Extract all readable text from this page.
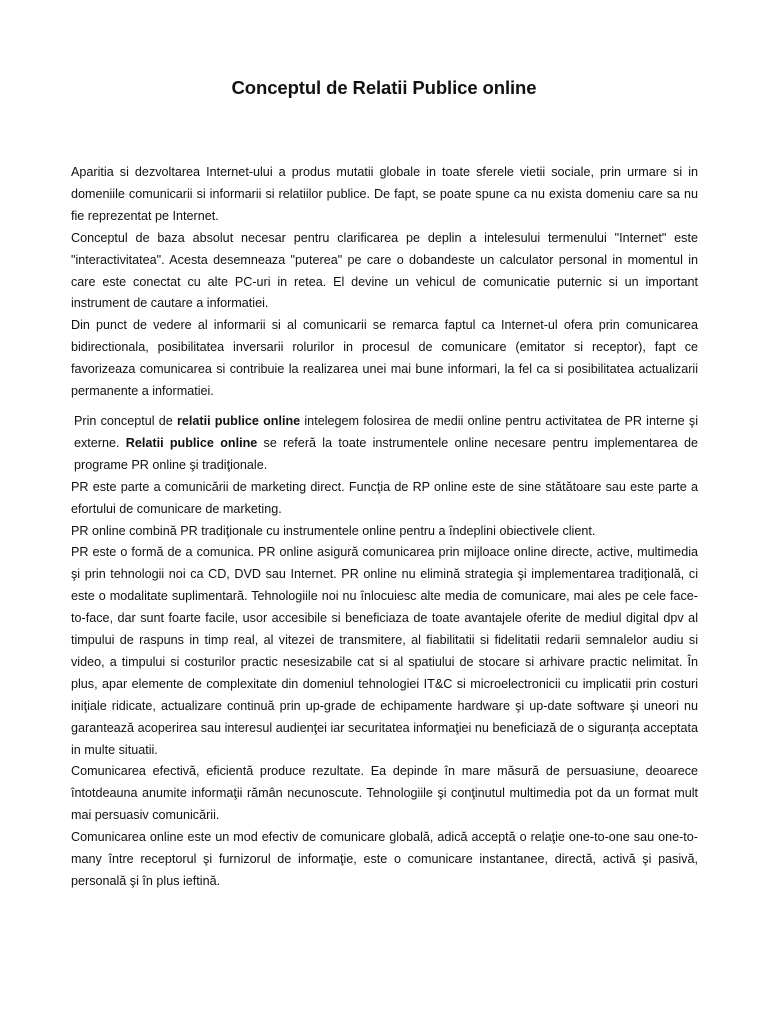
Conceptul de Relatii Publice online

Aparitia si dezvoltarea Internet-ului a produs mutatii globale in toate sferele vietii sociale, prin urmare si in domeniile comunicarii si informarii si relatiilor publice. De fapt, se poate spune ca nu exista domeniu care sa nu fie reprezentat pe Internet.

Conceptul de baza absolut necesar pentru clarificarea pe deplin a intelesului termenului "Internet" este "interactivitatea". Acesta desemneaza "puterea" pe care o dobandeste un calculator personal in momentul in care este conectat cu alte PC-uri in retea. El devine un vehicul de comunicatie puternic si un important instrument de cautare a informatiei.

Din punct de vedere al informarii si al comunicarii se remarca faptul ca Internet-ul ofera prin comunicarea bidirectionala, posibilitatea inversarii rolurilor in procesul de comunicare (emitator si receptor), fapt ce favorizeaza comunicarea si contribuie la realizarea unei mai bune informari, la fel ca si posibilitatea actualizarii permanente a informatiei.

Prin conceptul de relatii publice online intelegem folosirea de medii online pentru activitatea de PR interne şi externe. Relatii publice online se referă la toate instrumentele online necesare pentru implementarea de programe PR online şi tradiţionale.

PR este parte a comunicării de marketing direct. Funcţia de RP online este de sine stătătoare sau este parte a efortului de comunicare de marketing.

PR online combină PR tradiţionale cu instrumentele online pentru a îndeplini obiectivele client.

PR este o formă de a comunica. PR online asigură comunicarea prin mijloace online directe, active, multimedia şi prin tehnologii noi ca CD, DVD sau Internet. PR online nu elimină strategia şi implementarea tradiţională, ci este o modalitate suplimentară. Tehnologiile noi nu înlocuiesc alte media de comunicare, mai ales pe cele face-to-face, dar sunt foarte facile, usor accesibile si beneficiaza de toate avantajele oferite de mediul digital dpv al timpului de raspuns in timp real, al vitezei de transmitere, al fiabilitatii si fidelitatii redarii semnalelor audiu si video, a timpului si costurilor practic nesesizabile cat si al spatiului de stocare si arhivare practic nelimitat. În plus, apar elemente de complexitate din domeniul tehnologiei IT&C si microelectronicii cu implicatii prin costuri iniţiale ridicate, actualizare continuă prin up-grade de echipamente hardware şi up-date software şi uneori nu garantează acoperirea sau interesul audienţei iar securitatea informaţiei nu beneficiază de o siguranța acceptata in multe situatii.

Comunicarea efectivă, eficientă produce rezultate. Ea depinde în mare măsură de persuasiune, deoarece întotdeauna anumite informaţii rămân necunoscute. Tehnologiile şi conţinutul multimedia pot da un format mult mai persuasiv comunicării.

Comunicarea online este un mod efectiv de comunicare globală, adică acceptă o relaţie one-to-one sau one-to-many între receptorul şi furnizorul de informaţie, este o comunicare instantanee, directă, activă şi pasivă, personală şi în plus ieftină.
